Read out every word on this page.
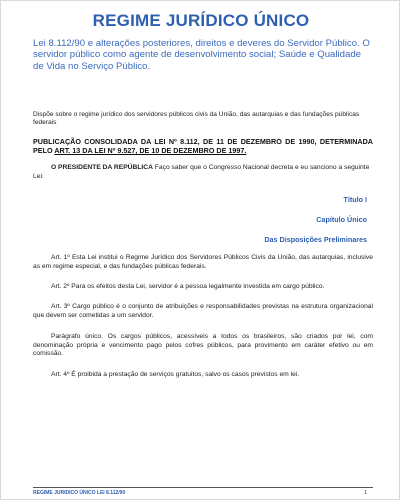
REGIME JURÍDICO ÚNICO
Lei 8.112/90 e alterações posteriores, direitos e deveres do Servidor Público. O servidor público como agente de desenvolvimento social; Saúde e Qualidade de Vida no Serviço Público.
Dispõe sobre o regime jurídico dos servidores públicos civis da União, das autarquias e das fundações públicas federais
PUBLICAÇÃO CONSOLIDADA DA LEI Nº 8.112, DE 11 DE DEZEMBRO DE 1990, DETERMINADA PELO ART. 13 DA LEI Nº 9.527, DE 10 DE DEZEMBRO DE 1997.
O PRESIDENTE DA REPÚBLICA Faço saber que o Congresso Nacional decreta e eu sanciono a seguinte Lei:
Título I
Capítulo Único
Das Disposições Preliminares
Art. 1º Esta Lei institui o Regime Jurídico dos Servidores Públicos Civis da União, das autarquias, inclusive as em regime especial, e das fundações públicas federais.
Art. 2º Para os efeitos desta Lei, servidor é a pessoa legalmente investida em cargo público.
Art. 3º Cargo público é o conjunto de atribuições e responsabilidades previstas na estrutura organizacional que devem ser cometidas a um servidor.
Parágrafo único. Os cargos públicos, acessíveis a todos os brasileiros, são criados por lei, com denominação própria e vencimento pago pelos cofres públicos, para provimento em caráter efetivo ou em comissão.
Art. 4º É proibida a prestação de serviços gratuitos, salvo os casos previstos em lei.
REGIME JURIDICO ÚNICO LEI 8.112/90	1
